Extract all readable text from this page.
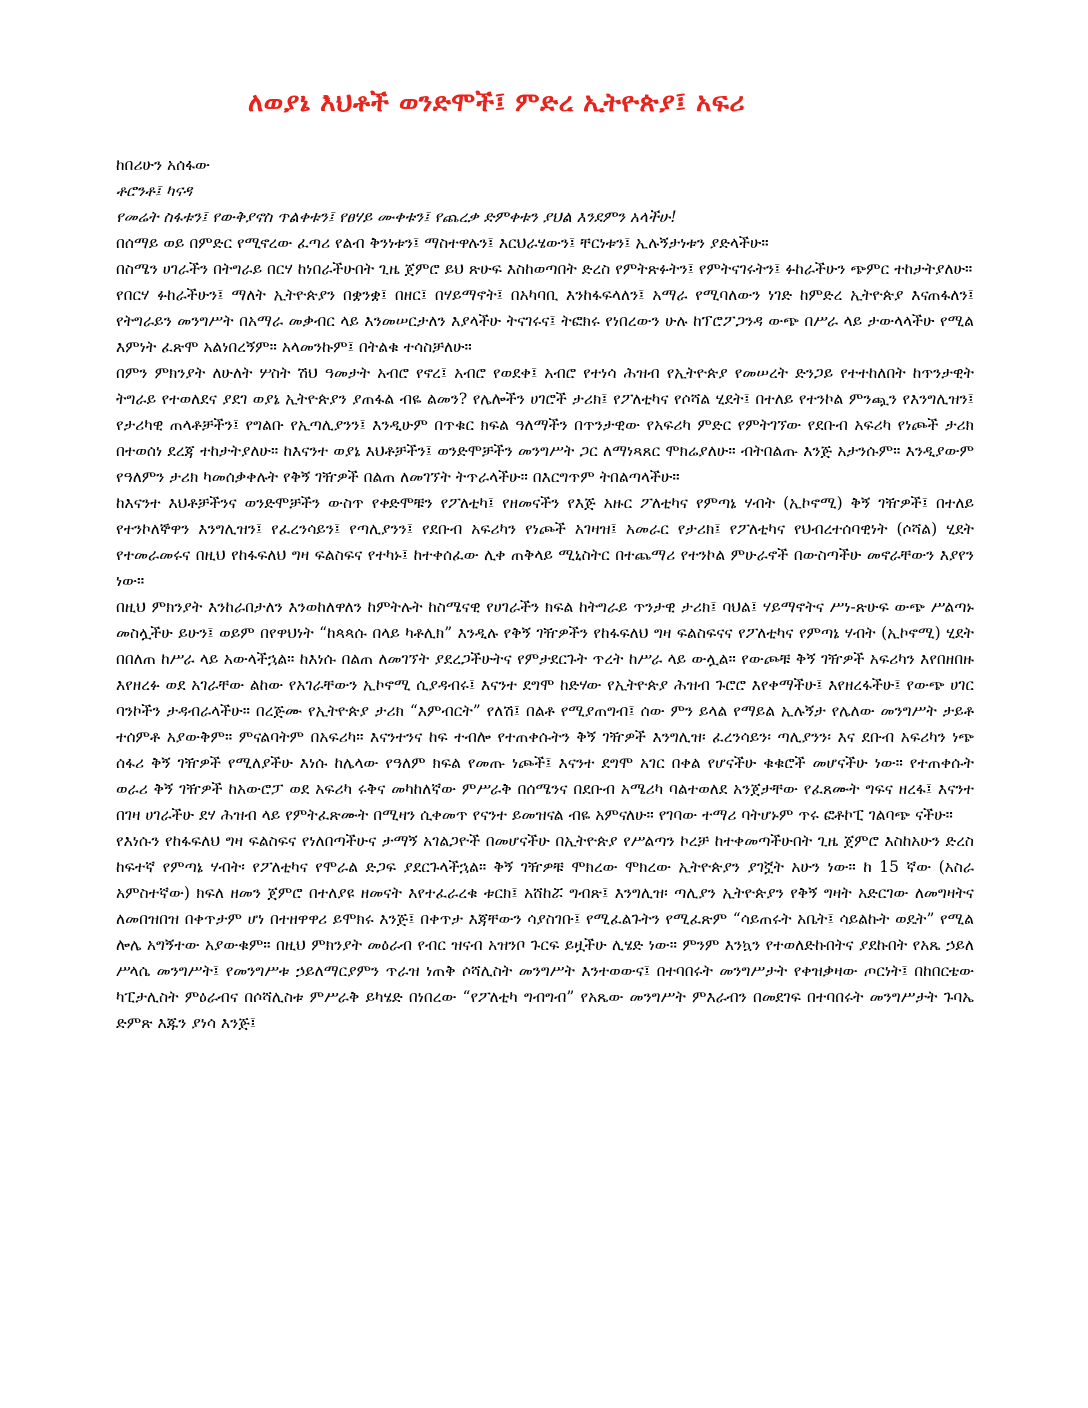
ለወያኔ እህቶች ወንድሞች፤ ምድረ ኢትዮጵያ፤ አፍሪ
ከበሪሁን አሰፋው
ቶሮንቶ፤ ካናዳ

የመሬት ስፋቱን፤ የውቅያኖስ ጥልቀቱን፤ የፀሃይ ሙቀቱን፤ የጨረቃ ድምቀቱን ያህል እንደምን አላችሁ!

በሰማይ ወይ በምድር የሚኖረው ፈጣሪ የልብ ቅንነቱን፤ ማስተዋሉን፤ እርህራሄውን፤ ቸርነቱን፤ ኢሉኝታነቱን ያድላችሁ።

በስሜን ሀገራችን በትግራይ በርሃ ከነበራችሁበት ጊዜ ጀምሮ ይህ ጽሁፍ እስከወጣበት ድረስ የምትጽፉትን፤ የምትናገሩትን፤ ፉከራችሁን ጭምር ተከታትያለሁ።

የበርሃ ፉከራችሁን፤ ማለት ኢትዮጵያን በቋንቋ፤ በዘር፤ በሃይማኖት፤ በአካባቢ እንከፋፍላለን፤ አማራ የሚባለውን ነገድ ከምድረ ኢትዮጵያ እናጠፋለን፤ የትግራይን መንግሥት በአማራ መቃብር ላይ እንመሠርታለን እያላችሁ ትናገሩና፤ ትፎክሩ የነበረውን ሁሉ ከፕሮፖጋንዳ ውጭ በሥራ ላይ ታውላላችሁ የሚል እምነት ፈጽሞ አልነበረኝም። አላመንኩም፤ በትልቁ ተሳስቻለሁ።

በምን ምክንያት ለሁለት ሦስት ሽህ ዓመታት አብሮ የኖረ፤ አብሮ የወደቀ፤ አብሮ የተነሳ ሕዝብ የኢትዮጵያ የመሠረት ድንጋይ የተተከለበት ከጥንታዊት ትግራይ የተወለደና ያደገ ወያኔ ኢትዮጵያን ያጠፋል ብዬ ልመን? የሌሎችን ሀገሮች ታሪክ፤ የፖለቲካና የሶሻል ሂደት፤ በተለይ የተንኮል ምንጯን የእንግሊዝን፤ የታሪካዊ ጠላቶቻችን፤ የግልቡ የኢጣሊያንን፤ እንዲሁም በጥቁር ክፍል ዓለማችን በጥንታዊው የአፍሪካ ምድር የምትገኘው የደቡብ አፍሪካ የነጮች ታሪክ በተወሰነ ደረጃ ተከታትያለሁ። ከእናንተ ወያኔ እህቶቻችን፤ ወንድሞቻችን መንግሥት ጋር ለማነጻጸር ሞክሬያለሁ። ብትበልጡ እንጅ አታንሱም። እንዲያውም የዓለምን ታሪክ ካመሰቃቀሉት የቅኝ ገዥዎች በልጠ ለመገኘት ትጥራላችሁ። በእርግጥም ትበልጣላችሁ።

ከእናንተ እህቶቻችንና ወንድሞቻችን ውስጥ የቀድሞቹን የፖለቲካ፤ የዘመናችን የእጅ አዙር ፖለቲካና የምጣኔ ሃብት (ኢኮኖሚ) ቅኝ ገዥዎች፤ በተለይ የተንኮለኞዋን እንግሊዝን፤ የፈረንሳይን፤ የጣሊያንን፤ የደቡብ አፍሪካን የነጮች አገዛዝ፤ አመራር የታሪክ፤ የፖለቲካና የህብረተሰባዊነት (ሶሻል) ሂደት የተመራመሩና በዚህ የከፋፍለህ ግዛ ፍልስፍና የተካኑ፤ ከተቀሰፈው ሊቀ ጠቅላይ ሚኒስትር በተጨማሪ የተንኮል ምሁራኖች በውስጣችሁ መኖራቸውን እያየን ነው።

በዚህ ምክንያት እንከራበታለን እንወከለዋለን ከምትሉት ከስሜናዊ የሀገራችን ክፍል ከትግራይ ጥንታዊ ታሪክ፤ ባህል፤ ሃይማኖትና ሥነ-ጽሁፍ ውጭ ሥልጣኑ መስሏችሁ ይሁን፤ ወይም በየዋህነት “ከጳጳሱ በላይ ካቶሊክ” እንዲሉ የቅኝ ገዥዎችን የከፋፍለህ ግዛ ፍልስፍናና የፖለቲካና የምጣኔ ሃብት (ኢኮኖሚ) ሂደት በበለጠ ከሥራ ላይ አውላችኋል። ከእነሱ በልጠ ለመገኘት ያደረጋችሁትና የምታደርጉት ጥረት ከሥራ ላይ ውሏል። የውጮቹ ቅኝ ገዥዎች አፍሪካን እየበዘበዙ እየዘረፉ ወደ አገራቸው ልከው የአገራቸውን ኢኮኖሚ ሲያዳብሩ፤ እናንተ ደግሞ ከድሃው የኢትዮጵያ ሕዝብ ጉሮሮ እየቀማችሁ፤ እየዘረፋችሁ፤ የውጭ ሀገር ባንኮችን ታዳብራላችሁ። በረጅሙ የኢትዮጵያ ታሪክ “እምብርት” የለሽ፤ በልቶ የሚያጠግብ፤ ሰው ምን ይላል የማይል ኢሉኝታ የሌለው መንግሥት ታይቶ ተሰምቶ አያውቅም። ምናልባትም በአፍሪካ። እናንተንና ከፍ ተብሎ የተጠቀሱትን ቅኝ ገዥዎች እንግሊዝ፡ ፈረንሳይን፡ ጣሊያንን፡ እና ደቡብ አፍሪካን ነጭ ሰፋሪ ቅኝ ገዥዎች የሚለያችሁ እነሱ ከሌላው የዓለም ክፍል የመጡ ነጮች፤ እናንተ ደግሞ አገር በቀል የሆናችሁ ቁቁሮች መሆናችሁ ነው። የተጠቀሱት ወራሪ ቅኝ ገዥዎች ከአውሮፓ ወደ አፍሪካ ሩቅና መካከለኛው ምሥራቅ በሰሜንና በደቡብ አሜሪካ ባልተወለደ አንጀታቸው የፈጸሙት ግፍና ዘረፋ፤ እናንተ በገዛ ሀገራችሁ ደሃ ሕዝብ ላይ የምትፈጽሙት በሚዛን ሲቀመጥ የናንተ ይመዝናል ብዬ አምናለሁ። የገባው ተማሪ ባትሆኑም ጥሩ ፎቶኮፒ ገልባጭ ናችሁ።

የእነሱን የከፋፍለህ ግዛ ፍልስፍና የነለበጣችሁና ታማኝ አገልጋዮች በመሆናችሁ በኢትዮጵያ የሥልጣን ኮረቻ ከተቀመጣችሁበት ጊዜ ጀምሮ እስከአሁን ድረስ ከፍተኛ የምጣኔ ሃብት፡ የፖለቲካና የሞራል ድጋፍ ያደርጉላችኋል። ቅኝ ገዥዎቹ ሞክረው ሞክረው ኢትዮጵያን ያገኟት አሁን ነው። ከ 15 ኛው (አስራ አምስተኛው) ክፍለ ዘመን ጀምሮ በተለያዩ ዘመናት እየተፈራረቁ ቱርክ፤ አሸከሯ ግብጽ፤ እንግሊዝ፡ ጣሊያን ኢትዮጵያን የቅኝ ግዛት አድርገው ለመግዛትና ለመበዝበዝ በቀጥታም ሆነ በተዘዋዋሪ ይሞክሩ እንጅ፤ በቀጥታ እጃቸውን ሳያስገቡ፤ የሚፈልጉትን የሚፈጽም “ሳይጠሩት አቤት፤ ሳይልኩት ወዴት” የሚል ሎሌ አግኝተው አያውቁም። በዚህ ምክንያት መዕራብ የብር ዝናብ አዝንቦ ጉርፍ ይዟችሁ ሊሄድ ነው። ምንም እንኳን የተወለድኩበትና ያደኩበት የአጼ ኃይለ ሥላሴ መንግሥት፤ የመንግሥቱ ኃይለማርያምን ጥራዝ ነጠቅ ሶሻሊስት መንግሥት እንተወውና፤ በተባበሩት መንግሥታት የቀዝቃዛው ጦርነት፤ በከበርቴው ካፒታሊስት ምዕራብና በሶሻሊስቱ ምሥራቅ ይካሄድ በነበረው “የፖለቲካ ግብግብ” የአጼው መንግሥት ምእራብን በመደገፍ በተባበሩት መንግሥታት ጉባኤ ድምጽ እጁን ያነሳ እንጅ፤
